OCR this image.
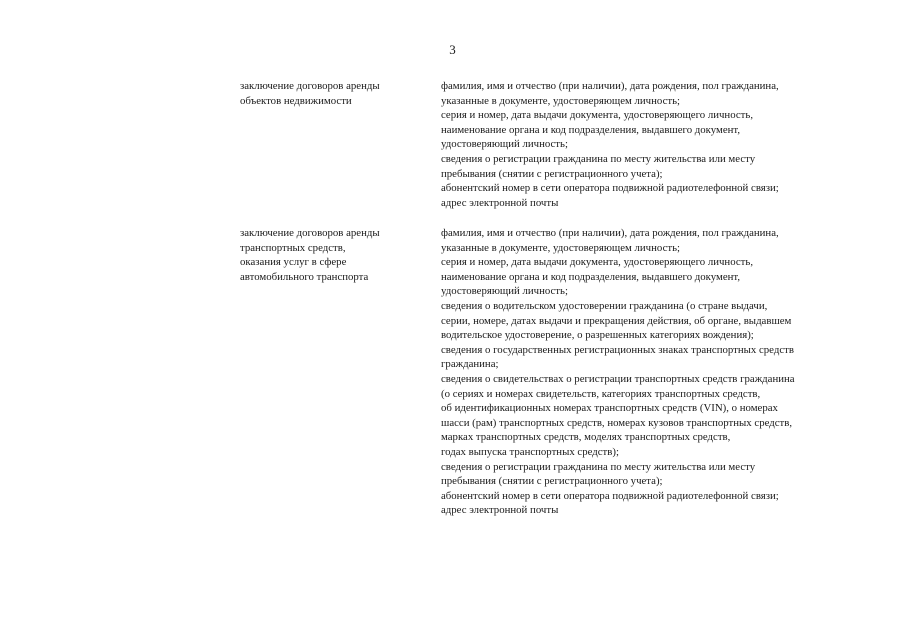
3
заключение договоров аренды
объектов недвижимости
фамилия, имя и отчество (при наличии), дата рождения, пол гражданина,
указанные в документе, удостоверяющем личность;
серия и номер, дата выдачи документа, удостоверяющего личность,
наименование органа и код подразделения, выдавшего документ,
удостоверяющий личность;
сведения о регистрации гражданина по месту жительства или месту
пребывания (снятии с регистрационного учета);
абонентский номер в сети оператора подвижной радиотелефонной связи;
адрес электронной почты
заключение договоров аренды
транспортных средств,
оказания услуг в сфере
автомобильного транспорта
фамилия, имя и отчество (при наличии), дата рождения, пол гражданина,
указанные в документе, удостоверяющем личность;
серия и номер, дата выдачи документа, удостоверяющего личность,
наименование органа и код подразделения, выдавшего документ,
удостоверяющий личность;
сведения о водительском удостоверении гражданина (о стране выдачи,
серии, номере, датах выдачи и прекращения действия, об органе, выдавшем
водительское удостоверение, о разрешенных категориях вождения);
сведения о государственных регистрационных знаках транспортных средств
гражданина;
сведения о свидетельствах о регистрации транспортных средств гражданина
(о сериях и номерах свидетельств, категориях транспортных средств,
об идентификационных номерах транспортных средств (VIN), о номерах
шасси (рам) транспортных средств, номерах кузовов транспортных средств,
марках транспортных средств, моделях транспортных средств,
годах выпуска транспортных средств);
сведения о регистрации гражданина по месту жительства или месту
пребывания (снятии с регистрационного учета);
абонентский номер в сети оператора подвижной радиотелефонной связи;
адрес электронной почты
